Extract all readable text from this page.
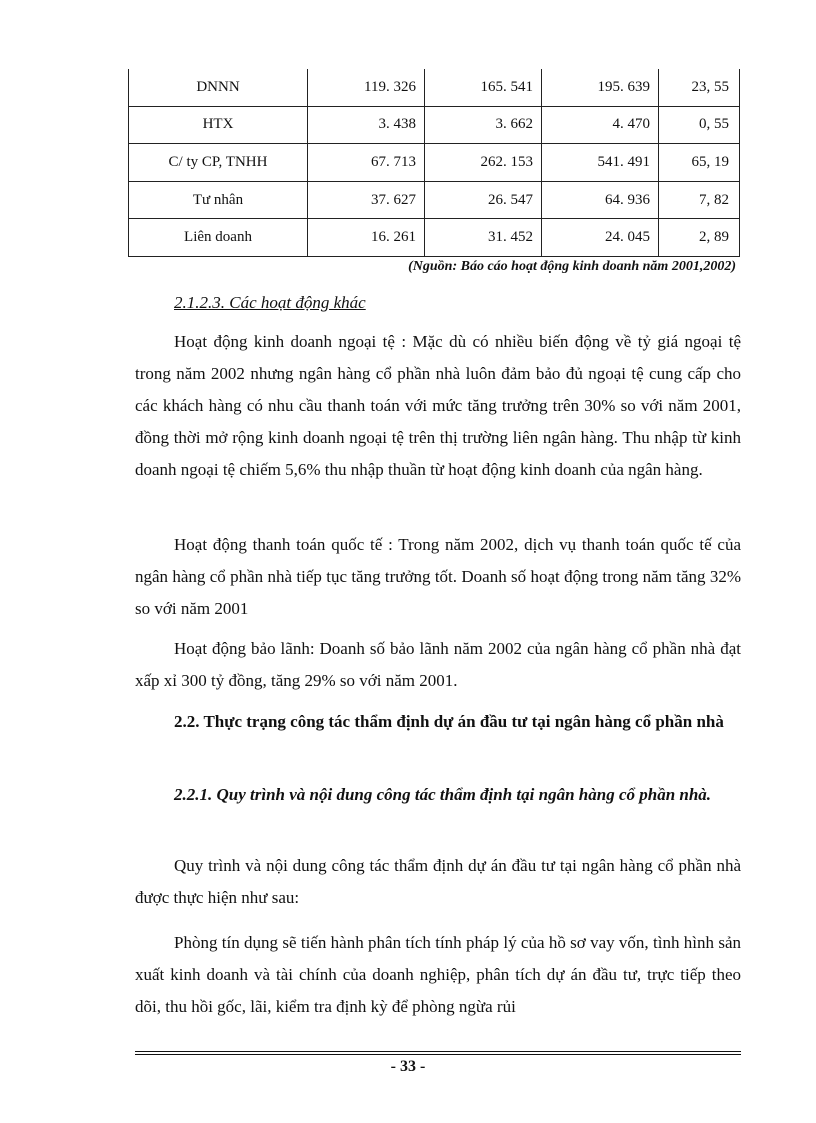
DNNN	119. 326	165. 541	195. 639	23, 55
HTX	3. 438	3. 662	4. 470	0, 55
C/ ty CP, TNHH	67. 713	262. 153	541. 491	65, 19
Tư nhân	37. 627	26. 547	64. 936	7, 82
Liên doanh	16. 261	31. 452	24. 045	2, 89
(Nguồn: Báo cáo hoạt động kinh doanh năm 2001,2002)
2.1.2.3. Các hoạt động khác

Hoạt động kinh doanh ngoại tệ : Mặc dù có nhiều biến động về tỷ giá ngoại tệ trong năm 2002 nhưng ngân hàng cổ phần nhà luôn đảm bảo đủ ngoại tệ cung cấp cho các khách hàng có nhu cầu thanh toán với mức tăng trưởng trên 30% so với năm 2001, đồng thời mở rộng kinh doanh ngoại tệ trên thị trường liên ngân hàng. Thu nhập từ kinh doanh ngoại tệ chiếm 5,6% thu nhập thuần từ hoạt động kinh doanh của ngân hàng.

Hoạt động thanh toán quốc tế : Trong năm 2002, dịch vụ thanh toán quốc tế của ngân hàng cổ phần nhà tiếp tục tăng trưởng tốt. Doanh số hoạt động trong năm tăng 32% so với năm 2001

Hoạt động bảo lãnh: Doanh số bảo lãnh năm 2002 của ngân hàng cổ phần nhà đạt xấp xỉ 300 tỷ đồng, tăng 29% so với năm 2001.

2.2. Thực trạng công tác thẩm định dự án đầu tư tại ngân hàng cổ phần nhà

2.2.1. Quy trình và nội dung công tác thẩm định tại ngân hàng cổ phần nhà.

Quy trình và nội dung công tác thẩm định dự án đầu tư tại ngân hàng cổ phần nhà được thực hiện như sau:

Phòng tín dụng sẽ tiến hành phân tích tính pháp lý của hồ sơ vay vốn, tình hình sản xuất kinh doanh và tài chính của doanh nghiệp, phân tích dự án đầu tư, trực tiếp theo dõi, thu hồi gốc, lãi, kiểm tra định kỳ để phòng ngừa rủi

- 33 -
